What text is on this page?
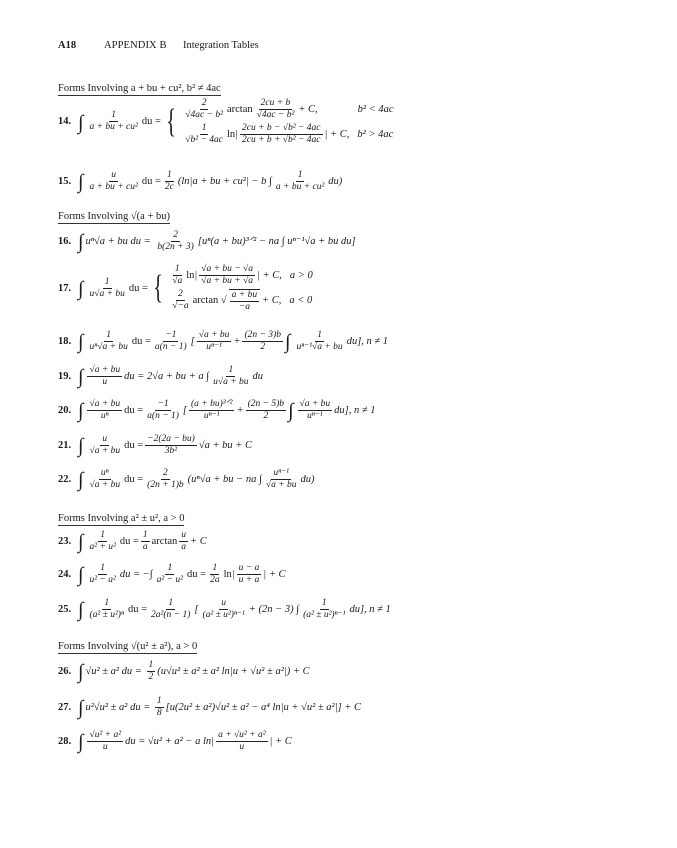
A18	APPENDIX B Integration Tables
Forms Involving a + bu + cu², b² ≠ 4ac
14. ∫	1
a + bu + cu² du = {	2
√4ac − b² arctan
2cu + b
√4ac − b² + C,	b² < 4ac
1
√b² − 4ac ln |
2cu + b − √b² − 4ac
2cu + b + √b² − 4ac |
+ C, b² > 4ac
15. ∫	u
a + bu + cu² du = $\frac{1}{2c} (\ln|a$ + bu + cu²| − b ∫
1
a + bu + cu² du)
Forms Involving √(a + bu)
16. ∫ uⁿ√a + bu du =
$\frac{2}{b(2n + 3)} [u^n(a$ + bu)³ᐟ² − na ∫ uⁿ⁻¹√a + bu du]
17. ∫ 1
u√a + bu du = {
1
√a ln |
√a + bu − √a
√a + bu + √a |
+ C, a > 0
2
√−a arctan √
a + bu
−a
+ C, a < 0
18. ∫ 1
uⁿ√a + bu du = $\frac{-1}{a(n - 1)}$ [
√a + bu
$u^{n-1} + \frac{(2n - 3)b}{2}$ ∫	1
uⁿ⁻¹√a + bu du], n ≠ 1
19. ∫ √a + bu
u du = 2√a + bu + a ∫
1
u√a + bu du
20. ∫ √a + bu
uⁿ du = $\frac{-1}{a(n - 1)}$ [
(a + bu)³ᐟ²
$u^{n-1} + \frac{(2n - 5)b}{2}$ ∫ √a + bu
uⁿ⁻¹ du], n ≠ 1
21. ∫ u
√a + bu du = $\frac{-2(2a - bu)}{\text{3b²}} √a$ + bu + C
22. ∫ uⁿ
√a + bu du = $\frac{2}{(2n + 1)b} (u^n√a$ + bu − na ∫
uⁿ⁻¹
√a + bu du)
Forms Involving a² ± u², a > 0
23. ∫ 1
a² + u² du = $\frac{1}{a}$ arctan
u
a + C
24. ∫ 1
u² − a² du = −∫
1
a² − u² du = $\frac{1}{2a}$ ln |
u − a
u + a |
+ C
25. ∫ 1
(a² ± u²)ⁿ du = $\frac{1}{\text{2a²(n − 1)}}$ [
u
(a² ± u²)ⁿ⁻¹ + (2n − 3) ∫
1
(a² ± u²)ⁿ⁻¹ du], n ≠ 1
Forms Involving √(u² ± a²), a > 0
26. ∫ √u² ± a² du =
$\frac{1}{2} (u√u^2 \pm a^2 \pm a^2$ ln|u + √u² ± a²|) + C
27. ∫ u²√u² ± a² du =
$\frac{1}{8} [u(2u^2 \pm a^2)√u^2 \pm a^2 - a^4$ ln|u + √u² ± a²|] + C
28. ∫ √u² + a²
u du = √u² + a² − a ln |
a + √u² + a²
u |
+ C
